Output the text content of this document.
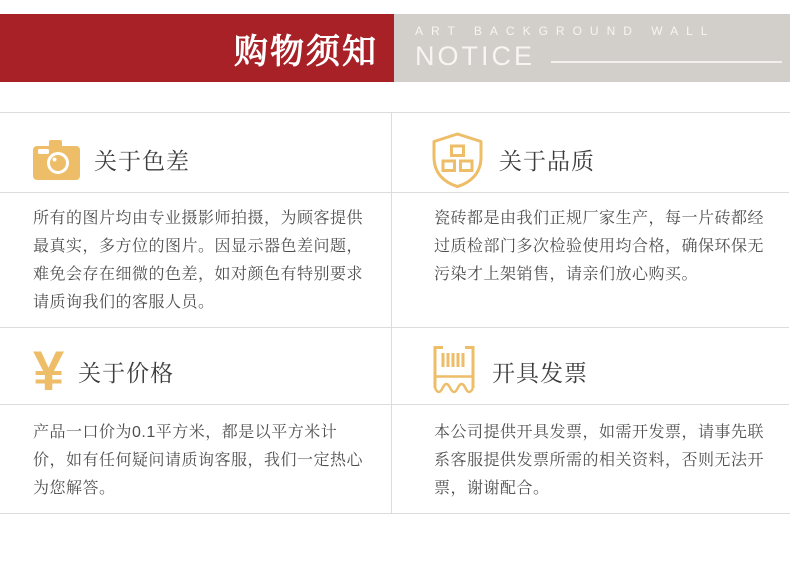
购物须知
ART BACKGROUND WALL
NOTICE
关于色差
所有的图片均由专业摄影师拍摄，为顾客提供最真实，多方位的图片。因显示器色差问题，难免会存在细微的色差，如对颜色有特别要求请质询我们的客服人员。
¥ 关于价格
产品一口价为0.1平方米，都是以平方米计价，如有任何疑问请质询客服，我们一定热心为您解答。
关于品质
瓷砖都是由我们正规厂家生产，每一片砖都经过质检部门多次检验使用均合格，确保环保无污染才上架销售，请亲们放心购买。
开具发票
本公司提供开具发票，如需开发票，请事先联系客服提供发票所需的相关资料，否则无法开票，谢谢配合。
